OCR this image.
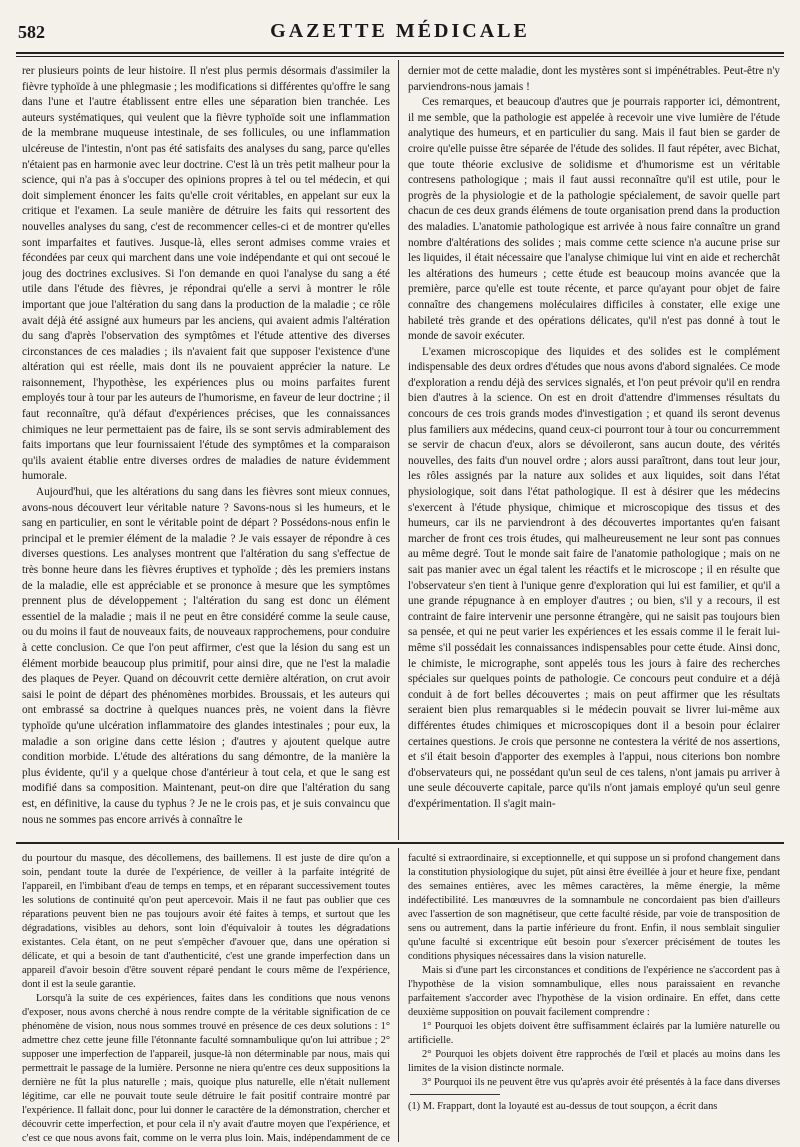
582	GAZETTE MÉDICALE

rer plusieurs points de leur histoire. Il n'est plus permis désormais d'assimiler la fièvre typhoïde à une phlegmasie ; les modifications si différentes qu'offre le sang dans l'une et l'autre établissent entre elles une séparation bien tranchée. Les auteurs systématiques, qui veulent que la fièvre typhoïde soit une inflammation de la membrane muqueuse intestinale, de ses follicules, ou une inflammation ulcéreuse de l'intestin, n'ont pas été satisfaits des analyses du sang, parce qu'elles n'étaient pas en harmonie avec leur doctrine. C'est là un très petit malheur pour la science, qui n'a pas à s'occuper des opinions propres à tel ou tel médecin, et qui doit simplement énoncer les faits qu'elle croit véritables, en appelant sur eux la critique et l'examen. La seule manière de détruire les faits qui ressortent des nouvelles analyses du sang, c'est de recommencer celles-ci et de montrer qu'elles sont imparfaites et fautives. Jusque-là, elles seront admises comme vraies et fécondées par ceux qui marchent dans une voie indépendante et qui ont secoué le joug des doctrines exclusives. Si l'on demande en quoi l'analyse du sang a été utile dans l'étude des fièvres, je répondrai qu'elle a servi à montrer le rôle important que joue l'altération du sang dans la production de la maladie ; ce rôle avait déjà été assigné aux humeurs par les anciens, qui avaient admis l'altération du sang d'après l'observation des symptômes et l'étude attentive des diverses circonstances de ces maladies ; ils n'avaient fait que supposer l'existence d'une altération qui est réelle, mais dont ils ne pouvaient apprécier la nature. Le raisonnement, l'hypothèse, les expériences plus ou moins parfaites furent employés tour à tour par les auteurs de l'humorisme, en faveur de leur doctrine ; il faut reconnaître, qu'à défaut d'expériences précises, que les connaissances chimiques ne leur permettaient pas de faire, ils se sont servis admirablement des faits importans que leur fournissaient l'étude des symptômes et la comparaison qu'ils avaient établie entre diverses ordres de maladies de nature évidemment humorale.

Aujourd'hui, que les altérations du sang dans les fièvres sont mieux connues, avons-nous découvert leur véritable nature ? Savons-nous si les humeurs, et le sang en particulier, en sont le véritable point de départ ? Possédons-nous enfin le principal et le premier élément de la maladie ? Je vais essayer de répondre à ces diverses questions. Les analyses montrent que l'altération du sang s'effectue de très bonne heure dans les fièvres éruptives et typhoïde ; dès les premiers instans de la maladie, elle est appréciable et se prononce à mesure que les symptômes prennent plus de développement ; l'altération du sang est donc un élément essentiel de la maladie ; mais il ne peut en être considéré comme la seule cause, ou du moins il faut de nouveaux faits, de nouveaux rapprochemens, pour conduire à cette conclusion. Ce que l'on peut affirmer, c'est que la lésion du sang est un élément morbide beaucoup plus primitif, pour ainsi dire, que ne l'est la maladie des plaques de Peyer. Quand on découvrit cette dernière altération, on crut avoir saisi le point de départ des phénomènes morbides. Broussais, et les auteurs qui ont embrassé sa doctrine à quelques nuances près, ne voient dans la fièvre typhoïde qu'une ulcération inflammatoire des glandes intestinales ; pour eux, la maladie a son origine dans cette lésion ; d'autres y ajoutent quelque autre condition morbide. L'étude des altérations du sang démontre, de la manière la plus évidente, qu'il y a quelque chose d'antérieur à tout cela, et que le sang est modifié dans sa composition. Maintenant, peut-on dire que l'altération du sang est, en définitive, la cause du typhus ? Je ne le crois pas, et je suis convaincu que nous ne sommes pas encore arrivés à connaître le

dernier mot de cette maladie, dont les mystères sont si impénétrables. Peut-être n'y parviendrons-nous jamais !

Ces remarques, et beaucoup d'autres que je pourrais rapporter ici, démontrent, il me semble, que la pathologie est appelée à recevoir une vive lumière de l'étude analytique des humeurs, et en particulier du sang. Mais il faut bien se garder de croire qu'elle puisse être séparée de l'étude des solides. Il faut répéter, avec Bichat, que toute théorie exclusive de solidisme et d'humorisme est un véritable contresens pathologique ; mais il faut aussi reconnaître qu'il est utile, pour le progrès de la physiologie et de la pathologie spécialement, de savoir quelle part chacun de ces deux grands élémens de toute organisation prend dans la production des maladies. L'anatomie pathologique est arrivée à nous faire connaître un grand nombre d'altérations des solides ; mais comme cette science n'a aucune prise sur les liquides, il était nécessaire que l'analyse chimique lui vint en aide et recherchât les altérations des humeurs ; cette étude est beaucoup moins avancée que la première, parce qu'elle est toute récente, et parce qu'ayant pour objet de faire connaître des changemens moléculaires difficiles à constater, elle exige une habileté très grande et des opérations délicates, qu'il n'est pas donné à tout le monde de savoir exécuter.

L'examen microscopique des liquides et des solides est le complément indispensable des deux ordres d'études que nous avons d'abord signalées. Ce mode d'exploration a rendu déjà des services signalés, et l'on peut prévoir qu'il en rendra bien d'autres à la science. On est en droit d'attendre d'immenses résultats du concours de ces trois grands modes d'investigation ; et quand ils seront devenus plus familiers aux médecins, quand ceux-ci pourront tour à tour ou concurremment se servir de chacun d'eux, alors se dévoileront, sans aucun doute, des vérités nouvelles, des faits d'un nouvel ordre ; alors aussi paraîtront, dans tout leur jour, les rôles assignés par la nature aux solides et aux liquides, soit dans l'état physiologique, soit dans l'état pathologique. Il est à désirer que les médecins s'exercent à l'étude physique, chimique et microscopique des tissus et des humeurs, car ils ne parviendront à des découvertes importantes qu'en faisant marcher de front ces trois études, qui malheureusement ne leur sont pas connues au même degré. Tout le monde sait faire de l'anatomie pathologique ; mais on ne sait pas manier avec un égal talent les réactifs et le microscope ; il en résulte que l'observateur s'en tient à l'unique genre d'exploration qui lui est familier, et qu'il a une grande répugnance à en employer d'autres ; ou bien, s'il y a recours, il est contraint de faire intervenir une personne étrangère, qui ne saisit pas toujours bien sa pensée, et qui ne peut varier les expériences et les essais comme il le ferait lui-même s'il possédait les connaissances indispensables pour cette étude. Ainsi donc, le chimiste, le micrographe, sont appelés tous les jours à faire des recherches spéciales sur quelques points de pathologie. Ce concours peut conduire et a déjà conduit à de fort belles découvertes ; mais on peut affirmer que les résultats seraient bien plus remarquables si le médecin pouvait se livrer lui-même aux différentes études chimiques et microscopiques dont il a besoin pour éclairer certaines questions. Je crois que personne ne contestera la vérité de nos assertions, et s'il était besoin d'apporter des exemples à l'appui, nous citerions bon nombre d'observateurs qui, ne possédant qu'un seul de ces talens, n'ont jamais pu arriver à une seule découverte capitale, parce qu'ils n'ont jamais employé qu'un seul genre d'expérimentation. Il s'agit main-

du pourtour du masque, des décollemens, des baillemens. Il est juste de dire qu'on a soin, pendant toute la durée de l'expérience, de veiller à la parfaite intégrité de l'appareil, en l'imbibant d'eau de temps en temps, et en réparant successivement toutes les solutions de continuité qu'on peut apercevoir. Mais il ne faut pas oublier que ces réparations peuvent bien ne pas toujours avoir été faites à temps, et surtout que les dégradations, visibles au dehors, sont loin d'équivaloir à toutes les dégradations existantes. Cela étant, on ne peut s'empêcher d'avouer que, dans une opération si délicate, et qui a besoin de tant d'authenticité, c'est une grande imperfection dans un appareil d'avoir besoin d'être souvent réparé pendant le cours même de l'expérience, dont il est la seule garantie.

Lorsqu'à la suite de ces expériences, faites dans les conditions que nous venons d'exposer, nous avons cherché à nous rendre compte de la véritable signification de ce phénomène de vision, nous nous sommes trouvé en présence de ces deux solutions : 1° admettre chez cette jeune fille l'étonnante faculté somnambulique qu'on lui attribue ; 2° supposer une imperfection de l'appareil, jusque-là non déterminable par nous, mais qui permettrait le passage de la lumière. Personne ne niera qu'entre ces deux suppositions la dernière ne fût la plus naturelle ; mais, quoique plus naturelle, elle n'était nullement légitime, car elle ne pouvait toute seule détruire le fait positif contraire montré par l'expérience. Il fallait donc, pour lui donner le caractère de la démonstration, chercher et découvrir cette imperfection, et pour cela il n'y avait d'autre moyen que l'expérience, et c'est ce que nous avons fait, comme on le verra plus loin. Mais, indépendamment de ce

faculté si extraordinaire, si exceptionnelle, et qui suppose un si profond changement dans la constitution physiologique du sujet, pût ainsi être éveillée à jour et heure fixe, pendant des semaines entières, avec les mêmes caractères, la même énergie, la même indéfectibilité. Les manœuvres de la somnambule ne concordaient pas bien d'ailleurs avec l'assertion de son magnétiseur, que cette faculté réside, par voie de transposition de sens ou autrement, dans la partie inférieure du front. Enfin, il nous semblait singulier qu'une faculté si excentrique eût besoin pour s'exercer précisément de toutes les conditions physiques nécessaires dans la vision naturelle.

Mais si d'une part les circonstances et conditions de l'expérience ne s'accordent pas à l'hypothèse de la vision somnambulique, elles nous paraissaient en revanche parfaitement s'accorder avec l'hypothèse de la vision ordinaire. En effet, dans cette deuxième supposition on pouvait facilement comprendre :

1° Pourquoi les objets doivent être suffisamment éclairés par la lumière naturelle ou artificielle.

2° Pourquoi les objets doivent être rapprochés de l'œil et placés au moins dans les limites de la vision distincte normale.

3° Pourquoi ils ne peuvent être vus qu'après avoir été présentés à la face dans diverses

(1) M. Frappart, dont la loyauté est au-dessus de tout soupçon, a écrit dans
